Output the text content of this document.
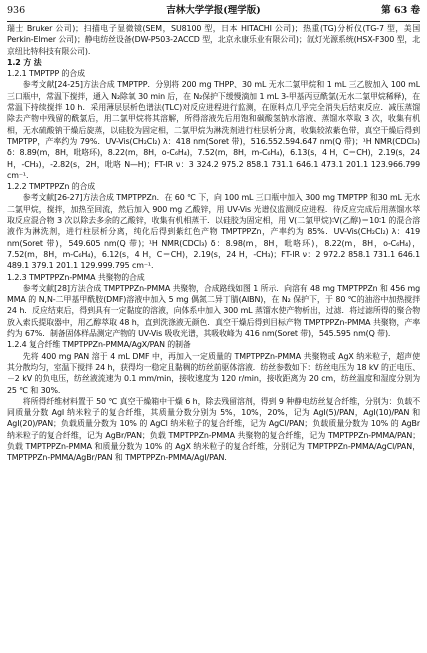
936	吉林大学学报(理学版)	第 63 卷

瑞士 Bruker 公司)；扫描电子显微镜(SEM，SU8100 型，日本 HITACHI 公司)；热重(TG)分析仪(TG-7 型，美国 Perkin-Elmer 公司)；静电纺丝设备(DW-P503-2ACCD 型，北京永康乐业有限公司)；氙灯光源系统(HSX-F300 型，北京纽比特科技有限公司).

1.2 方 法

1.2.1 TMPTPP 的合成

参考文献[24-25]方法合成 TMPTPP．分别将 200 mg THPP、30 mL 无水二氯甲烷和 1 mL 三乙胺加入 100 mL 三口瓶中，常温下搅拌，通入 N₂除氧 30 min 后，在 N₂保护下缓慢滴加 1 mL 3-甲基丙豆酰氯(无水二氯甲烷稀释)，在常温下持续搅拌 10 h．采用薄层层析色谱法(TLC)对反应进程进行监测，在原料点几乎完全消失后结束反应．减压蒸馏除去产物中残留的酰氯后，用二氯甲烷将其溶解，所得溶液先后用饱和碳酸氢钠水溶液、蒸馏水萃取 3 次，收集有机相，无水硫酸钠干燥后旋蒸，以硅胶为固定相，二氯甲烷为淋洗剂进行柱层析分离，收集较浓紫色带，真空干燥后得到 TMPTPP，产率约为 79%．UV-Vis(CH₂Cl₂) λ：418 nm(Soret 带)，516.552.594.647 nm(Q 带)；¹H NMR(CDCl₃) δ：8.89(m，8H，吡咯环)，8.22(m，8H，o-C₆H₄)，7.52(m，8H，m-C₆H₄)，6.13(s，4 H，C＝CH)，2.19(s，24 H，-CH₃)，-2.82(s，2H，吡咯 N—H)；FT-IR ν：3 324.2 975.2 858.1 731.1 646.1 473.1 201.1 123.966.799 cm⁻¹.

1.2.2 TMPTPPZn 的合成

参考文献[26-27]方法合成 TMPTPPZn．在 60 ℃ 下，向 100 mL 三口瓶中加入 300 mg TMPTPP 和30 mL 无水二氯甲烷，搅拌，加热至回流，然后加入 900 mg 乙酸锌，用 UV-Vis 光谱仪监测反应进程．待反应完成后用蒸馏水萃取反应混合物 3 次以除去多余的乙酸锌，收集有机相蒸干．以硅胶为固定相，用 V(二氯甲烷)∶V(乙醇)＝10∶1 的混合溶液作为淋洗剂，进行柱层析分离，纯化后得到紫红色产物 TMPTPPZn，产率约为 85%．UV-Vis(CH₂Cl₂) λ：419 nm(Soret 带)，549.605 nm(Q 带)；¹H NMR(CDCl₃) δ：8.98(m，8H，吡咯环)，8.22(m，8H，o-C₆H₄)，7.52(m，8H，m-C₆H₄)，6.12(s，4 H，C＝CH)，2.19(s，24 H，-CH₃)；FT-IR ν：2 972.2 858.1 731.1 646.1 489.1 379.1 201.1 129.999.795 cm⁻¹.

1.2.3 TMPTPPZn-PMMA 共聚物的合成

参考文献[28]方法合成 TMPTPPZn-PMMA 共聚物，合成路线如图 1 所示．向溶有 48 mg TMPTPPZn 和 456 mg MMA 的 N,N-二甲基甲酰胺(DMF)溶液中加入 5 mg 偶氮二异丁腈(AIBN)，在 N₂ 保护下，于 80 ℃的油浴中加热搅拌 24 h．反应结束后，得到具有一定黏度的溶液，向体系中加入 300 mL 蒸馏水使产物析出，过滤．将过滤所得的聚合物放入索氏提取器中，用乙醇萃取 48 h，直到洗涤液无颜色．真空干燥后得到目标产物 TMPTPPZn-PMMA 共聚物，产率约为 67%．制备固体样品测定产物的 UV-Vis 吸收光谱，其吸收峰为 416 nm(Soret 带)，545.595 nm(Q 带).

1.2.4 复合纤维 TMPTPPZn-PMMA/AgX/PAN 的制备

先将 400 mg PAN 溶于 4 mL DMF 中，再加入一定质量的 TMPTPPZn-PMMA 共聚物或 AgX 纳米粒子，超声使其分散均匀，室温下搅拌 24 h，获得均一稳定且黏稠的纺丝前驱体溶液．纺丝参数如下：纺丝电压为 18 kV 的正电压、－2 kV 的负电压，纺丝液流速为 0.1 mm/min，接收速度为 120 r/min，接收距离为 20 cm，纺丝温度和湿度分别为 25 ℃ 和 30%.

将所得纤维材料置于 50 ℃ 真空干燥箱中干燥 6 h，除去残留溶剂，得到 9 种静电纺丝复合纤维，分别为：负载不同质量分数 AgI 纳米粒子的复合纤维，其质量分数分别为 5%，10%，20%，记为 AgI(5)/PAN，AgI(10)/PAN 和 AgI(20)/PAN；负载质量分数为 10% 的 AgCl 纳米粒子的复合纤维，记为 AgCl/PAN；负载质量分数为 10% 的 AgBr 纳米粒子的复合纤维，记为 AgBr/PAN；负载 TMPTPPZn-PMMA 共聚物的复合纤维，记为 TMPTPPZn-PMMA/PAN；负载 TMPTPPZn-PMMA 和质量分数为 10% 的 AgX 纳米粒子的复合纤维，分别记为 TMPTPPZn-PMMA/AgCl/PAN，TMPTPPZn-PMMA/AgBr/PAN 和 TMPTPPZn-PMMA/AgI/PAN.
